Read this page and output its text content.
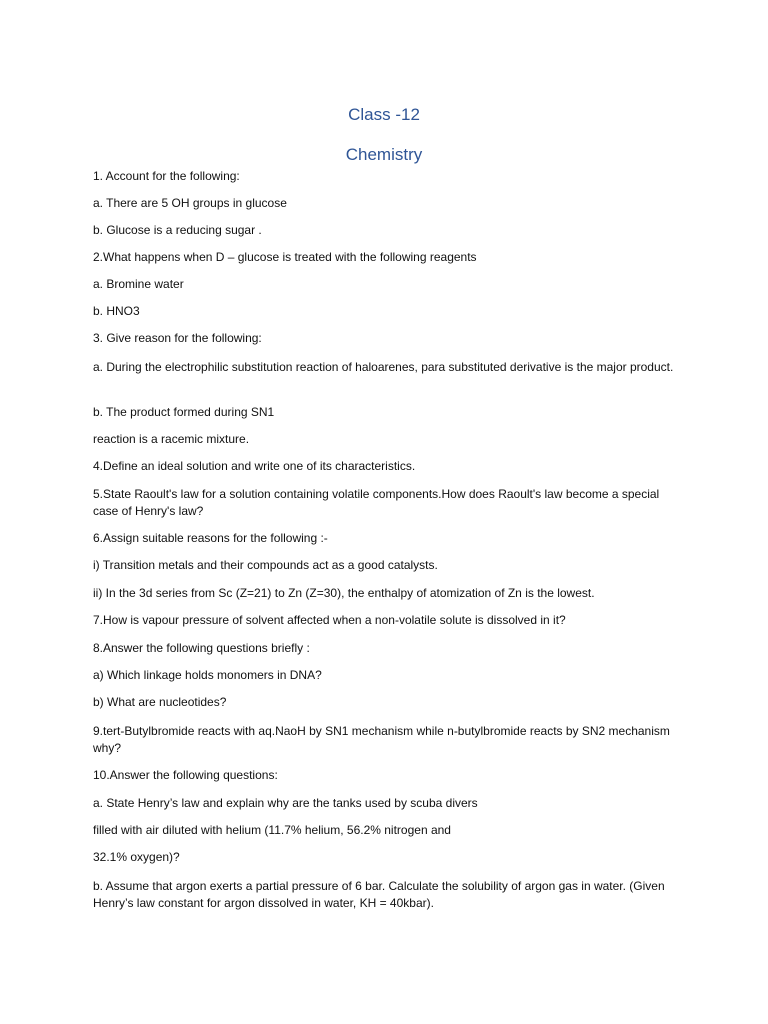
Class -12
Chemistry

1. Account for the following:

a. There are 5 OH groups in glucose

b. Glucose is a reducing sugar .

2.What happens when D – glucose is treated with the following reagents

a. Bromine water

b. HNO3

3. Give reason for the following:

a. During the electrophilic substitution reaction of haloarenes, para substituted derivative is the major product.

b. The product formed during SN1

reaction is a racemic mixture.

4.Define an ideal solution and write one of its characteristics.

5.State Raoult's law for a solution containing volatile components.How does Raoult's law become a special case of Henry's law?

6.Assign suitable reasons for the following :-

i) Transition metals and their compounds act as a good catalysts.

ii) In the 3d series from Sc (Z=21) to Zn (Z=30), the enthalpy of atomization of Zn is the lowest.

7.How is vapour pressure of solvent affected when a non-volatile solute is dissolved in it?

8.Answer the following questions briefly :

a) Which linkage holds monomers in DNA?

b) What are nucleotides?

9.tert-Butylbromide reacts with aq.NaoH by SN1 mechanism while n-butylbromide reacts by SN2 mechanism why?

10.Answer the following questions:

a. State Henry’s law and explain why are the tanks used by scuba divers

filled with air diluted with helium (11.7% helium, 56.2% nitrogen and

32.1% oxygen)?

b. Assume that argon exerts a partial pressure of 6 bar. Calculate the solubility of argon gas in water. (Given Henry’s law constant for argon dissolved in water, KH = 40kbar).
